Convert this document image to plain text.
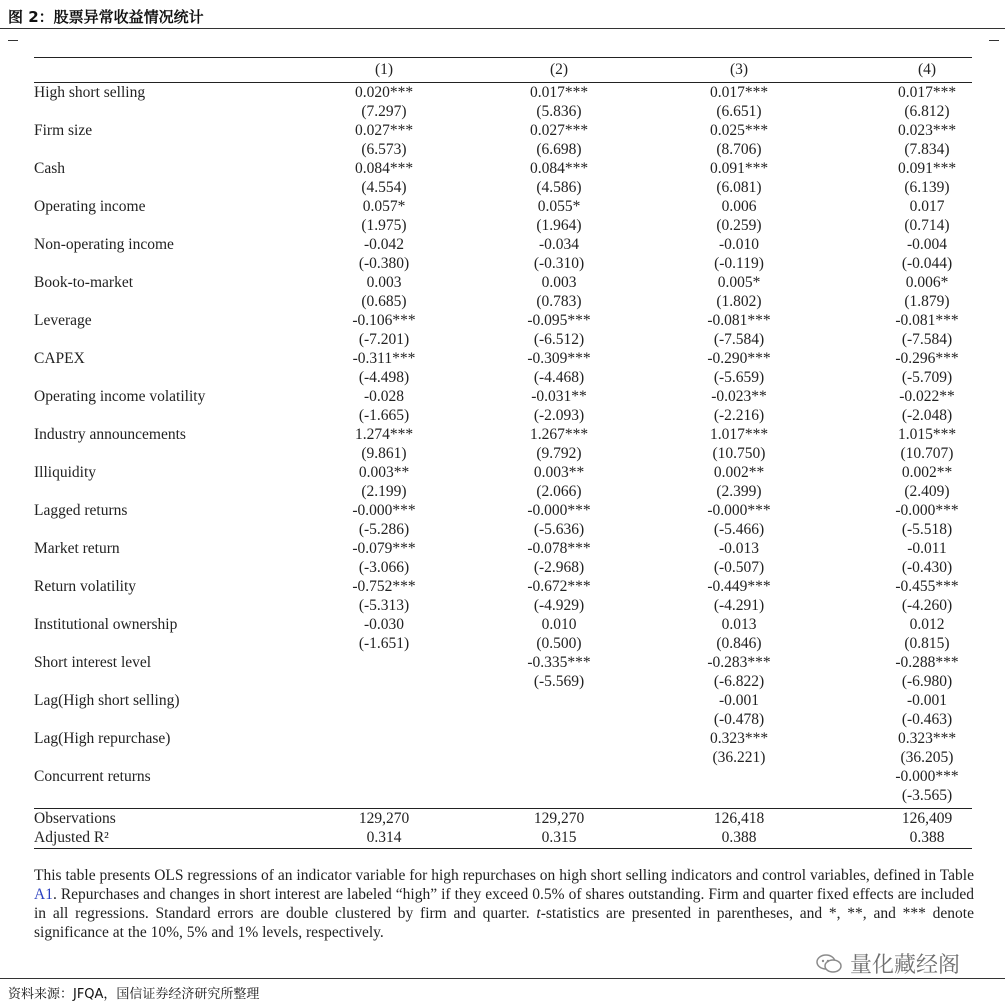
图 2：股票异常收益情况统计
	(1)	(2)	(3)	(4)
High short selling	0.020***	0.017***	0.017***	0.017***
	(7.297)	(5.836)	(6.651)	(6.812)
Firm size	0.027***	0.027***	0.025***	0.023***
	(6.573)	(6.698)	(8.706)	(7.834)
Cash	0.084***	0.084***	0.091***	0.091***
	(4.554)	(4.586)	(6.081)	(6.139)
Operating income	0.057*	0.055*	0.006	0.017
	(1.975)	(1.964)	(0.259)	(0.714)
Non-operating income	-0.042	-0.034	-0.010	-0.004
	(-0.380)	(-0.310)	(-0.119)	(-0.044)
Book-to-market	0.003	0.003	0.005*	0.006*
	(0.685)	(0.783)	(1.802)	(1.879)
Leverage	-0.106***	-0.095***	-0.081***	-0.081***
	(-7.201)	(-6.512)	(-7.584)	(-7.584)
CAPEX	-0.311***	-0.309***	-0.290***	-0.296***
	(-4.498)	(-4.468)	(-5.659)	(-5.709)
Operating income volatility	-0.028	-0.031**	-0.023**	-0.022**
	(-1.665)	(-2.093)	(-2.216)	(-2.048)
Industry announcements	1.274***	1.267***	1.017***	1.015***
	(9.861)	(9.792)	(10.750)	(10.707)
Illiquidity	0.003**	0.003**	0.002**	0.002**
	(2.199)	(2.066)	(2.399)	(2.409)
Lagged returns	-0.000***	-0.000***	-0.000***	-0.000***
	(-5.286)	(-5.636)	(-5.466)	(-5.518)
Market return	-0.079***	-0.078***	-0.013	-0.011
	(-3.066)	(-2.968)	(-0.507)	(-0.430)
Return volatility	-0.752***	-0.672***	-0.449***	-0.455***
	(-5.313)	(-4.929)	(-4.291)	(-4.260)
Institutional ownership	-0.030	0.010	0.013	0.012
	(-1.651)	(0.500)	(0.846)	(0.815)
Short interest level		-0.335***	-0.283***	-0.288***
		(-5.569)	(-6.822)	(-6.980)
Lag(High short selling)			-0.001	-0.001
			(-0.478)	(-0.463)
Lag(High repurchase)			0.323***	0.323***
			(36.221)	(36.205)
Concurrent returns				-0.000***
				(-3.565)
Observations	129,270	129,270	126,418	126,409
Adjusted R²	0.314	0.315	0.388	0.388
This table presents OLS regressions of an indicator variable for high repurchases on high short selling indicators and control variables, defined in Table A1. Repurchases and changes in short interest are labeled “high” if they exceed 0.5% of shares outstanding. Firm and quarter fixed effects are included in all regressions. Standard errors are double clustered by firm and quarter. t-statistics are presented in parentheses, and *, **, and *** denote significance at the 10%, 5% and 1% levels, respectively.
量化藏经阁
资料来源：JFQA，国信证券经济研究所整理
